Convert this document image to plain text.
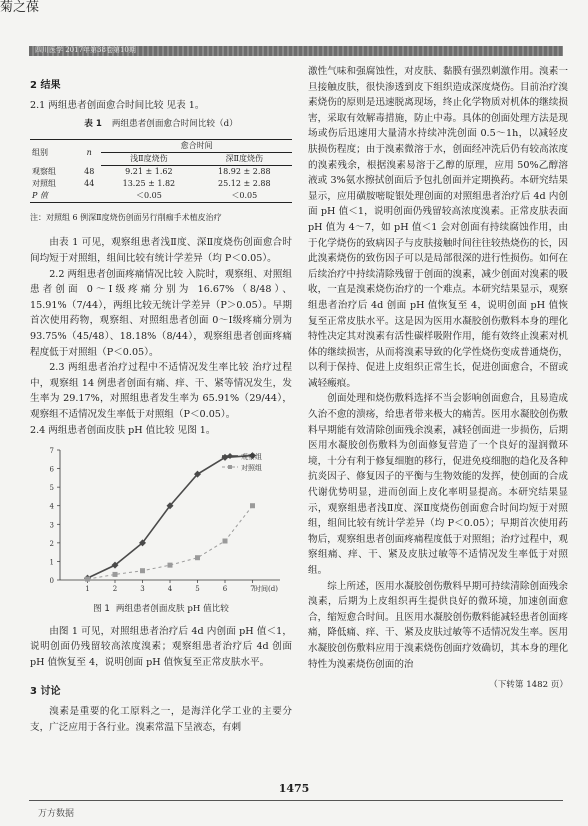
菊之葆
四川医学 2017年第38卷第10期
2 结果

2.1 两组患者创面愈合时间比较 见表 1。

表 1 两组患者创面愈合时间比较（d）
组别	n	愈合时间	
		浅Ⅱ度烧伤	深Ⅱ度烧伤
观察组	48	9.21 ± 1.62	18.92 ± 2.88
对照组	44	13.25 ± 1.82	25.12 ± 2.88
P 值		＜0.05	＜0.05
注：对照组 6 例深Ⅱ度烧伤创面另行削痂手术植皮治疗

由表 1 可见，观察组患者浅Ⅱ度、深Ⅱ度烧伤创面愈合时间均短于对照组，组间比较有统计学差异（均 P＜0.05）。

2.2 两组患者创面疼痛情况比较 入院时，观察组、对照组患者创面 0～Ⅰ级疼痛分别为 16.67%（8/48）、15.91%（7/44），两组比较无统计学差异（P＞0.05）。早期首次使用药物，观察组、对照组患者创面 0～Ⅰ级疼痛分别为 93.75%（45/48）、18.18%（8/44），观察组患者创面疼痛程度低于对照组（P＜0.05）。

2.3 两组患者治疗过程中不适情况发生率比较 治疗过程中，观察组 14 例患者创面有痛、痒、干、紧等情况发生，发生率为 29.17%，对照组患者发生率为 65.91%（29/44），观察组不适情况发生率低于对照组（P＜0.05）。

2.4 两组患者创面皮肤 pH 值比较 见图 1。

0
1
2
3
4
5
6
7
1	2	3	4	5	6	7 时间(d)
观察组
对照组
图 1 两组患者创面皮肤 pH 值比较

由图 1 可见，对照组患者治疗后 4d 内创面 pH 值＜1，说明创面仍残留较高浓度溴素；观察组患者治疗后 4d 创面 pH 值恢复至 4，说明创面 pH 值恢复至正常皮肤水平。

3 讨论

溴素是重要的化工原料之一，是海洋化学工业的主要分支，广泛应用于各行业。溴素常温下呈液态，有刺

激性气味和强腐蚀性，对皮肤、黏膜有强烈刺激作用。溴素一旦接触皮肤，很快渗透到皮下组织造成深度烧伤。目前治疗溴素烧伤的原则是迅速脱离现场，终止化学物质对机体的继续损害，采取有效解毒措施，防止中毒。具体的创面处理方法是现场或伤后迅速用大量清水持续冲洗创面 0.5～1h，以减轻皮肤损伤程度；由于溴素微溶于水，创面经冲洗后仍有较高浓度的溴素残余，根据溴素易溶于乙醇的原理，应用 50%乙醇溶液或 3%氨水擦拭创面后予包扎创面并定期换药。本研究结果显示，应用磺胺嘧啶银处理创面的对照组患者治疗后 4d 内创面 pH 值＜1，说明创面仍残留较高浓度溴素。正常皮肤表面 pH 值为 4～7，如 pH 值＜1 会对创面有持续腐蚀作用，由于化学烧伤的致病因子与皮肤接触时间往往较热烧伤的长，因此溴素烧伤的致伤因子可以是局部很深的进行性损伤。如何在后续治疗中持续清除残留于创面的溴素，减少创面对溴素的吸收，一直是溴素烧伤治疗的一个难点。本研究结果显示，观察组患者治疗后 4d 创面 pH 值恢复至 4，说明创面 pH 值恢复至正常皮肤水平。这是因为医用水凝胶创伤敷料本身的理化特性决定其对溴素有活性碳样吸附作用，能有效终止溴素对机体的继续损害，从而将溴素导致的化学性烧伤变成普通烧伤，以利于保持、促进上皮组织正常生长，促进创面愈合，不留或减轻瘢痕。

创面处理和烧伤敷料选择不当会影响创面愈合，且易造成久治不愈的溃疡，给患者带来极大的痛苦。医用水凝胶创伤敷料早期能有效清除创面残余溴素，减轻创面进一步损伤，后期医用水凝胶创伤敷料为创面修复营造了一个良好的湿润微环境，十分有利于修复细胞的移行，促进免疫细胞的趋化及各种抗炎因子、修复因子的平衡与生物效能的发挥，使创面的合成代谢优势明显，进而创面上皮化率明显提高。本研究结果显示，观察组患者浅Ⅱ度、深Ⅱ度烧伤创面愈合时间均短于对照组，组间比较有统计学差异（均 P＜0.05）；早期首次使用药物后，观察组患者创面疼痛程度低于对照组；治疗过程中，观察组痛、痒、干、紧及皮肤过敏等不适情况发生率低于对照组。

综上所述，医用水凝胶创伤敷料早期可持续清除创面残余溴素，后期为上皮组织再生提供良好的微环境，加速创面愈合，缩短愈合时间。且医用水凝胶创伤敷料能减轻患者创面疼痛，降低痛、痒、干、紧及皮肤过敏等不适情况发生率。医用水凝胶创伤敷料应用于溴素烧伤创面疗效确切，其本身的理化特性为溴素烧伤创面的治

（下转第 1482 页）
1475
万方数据
